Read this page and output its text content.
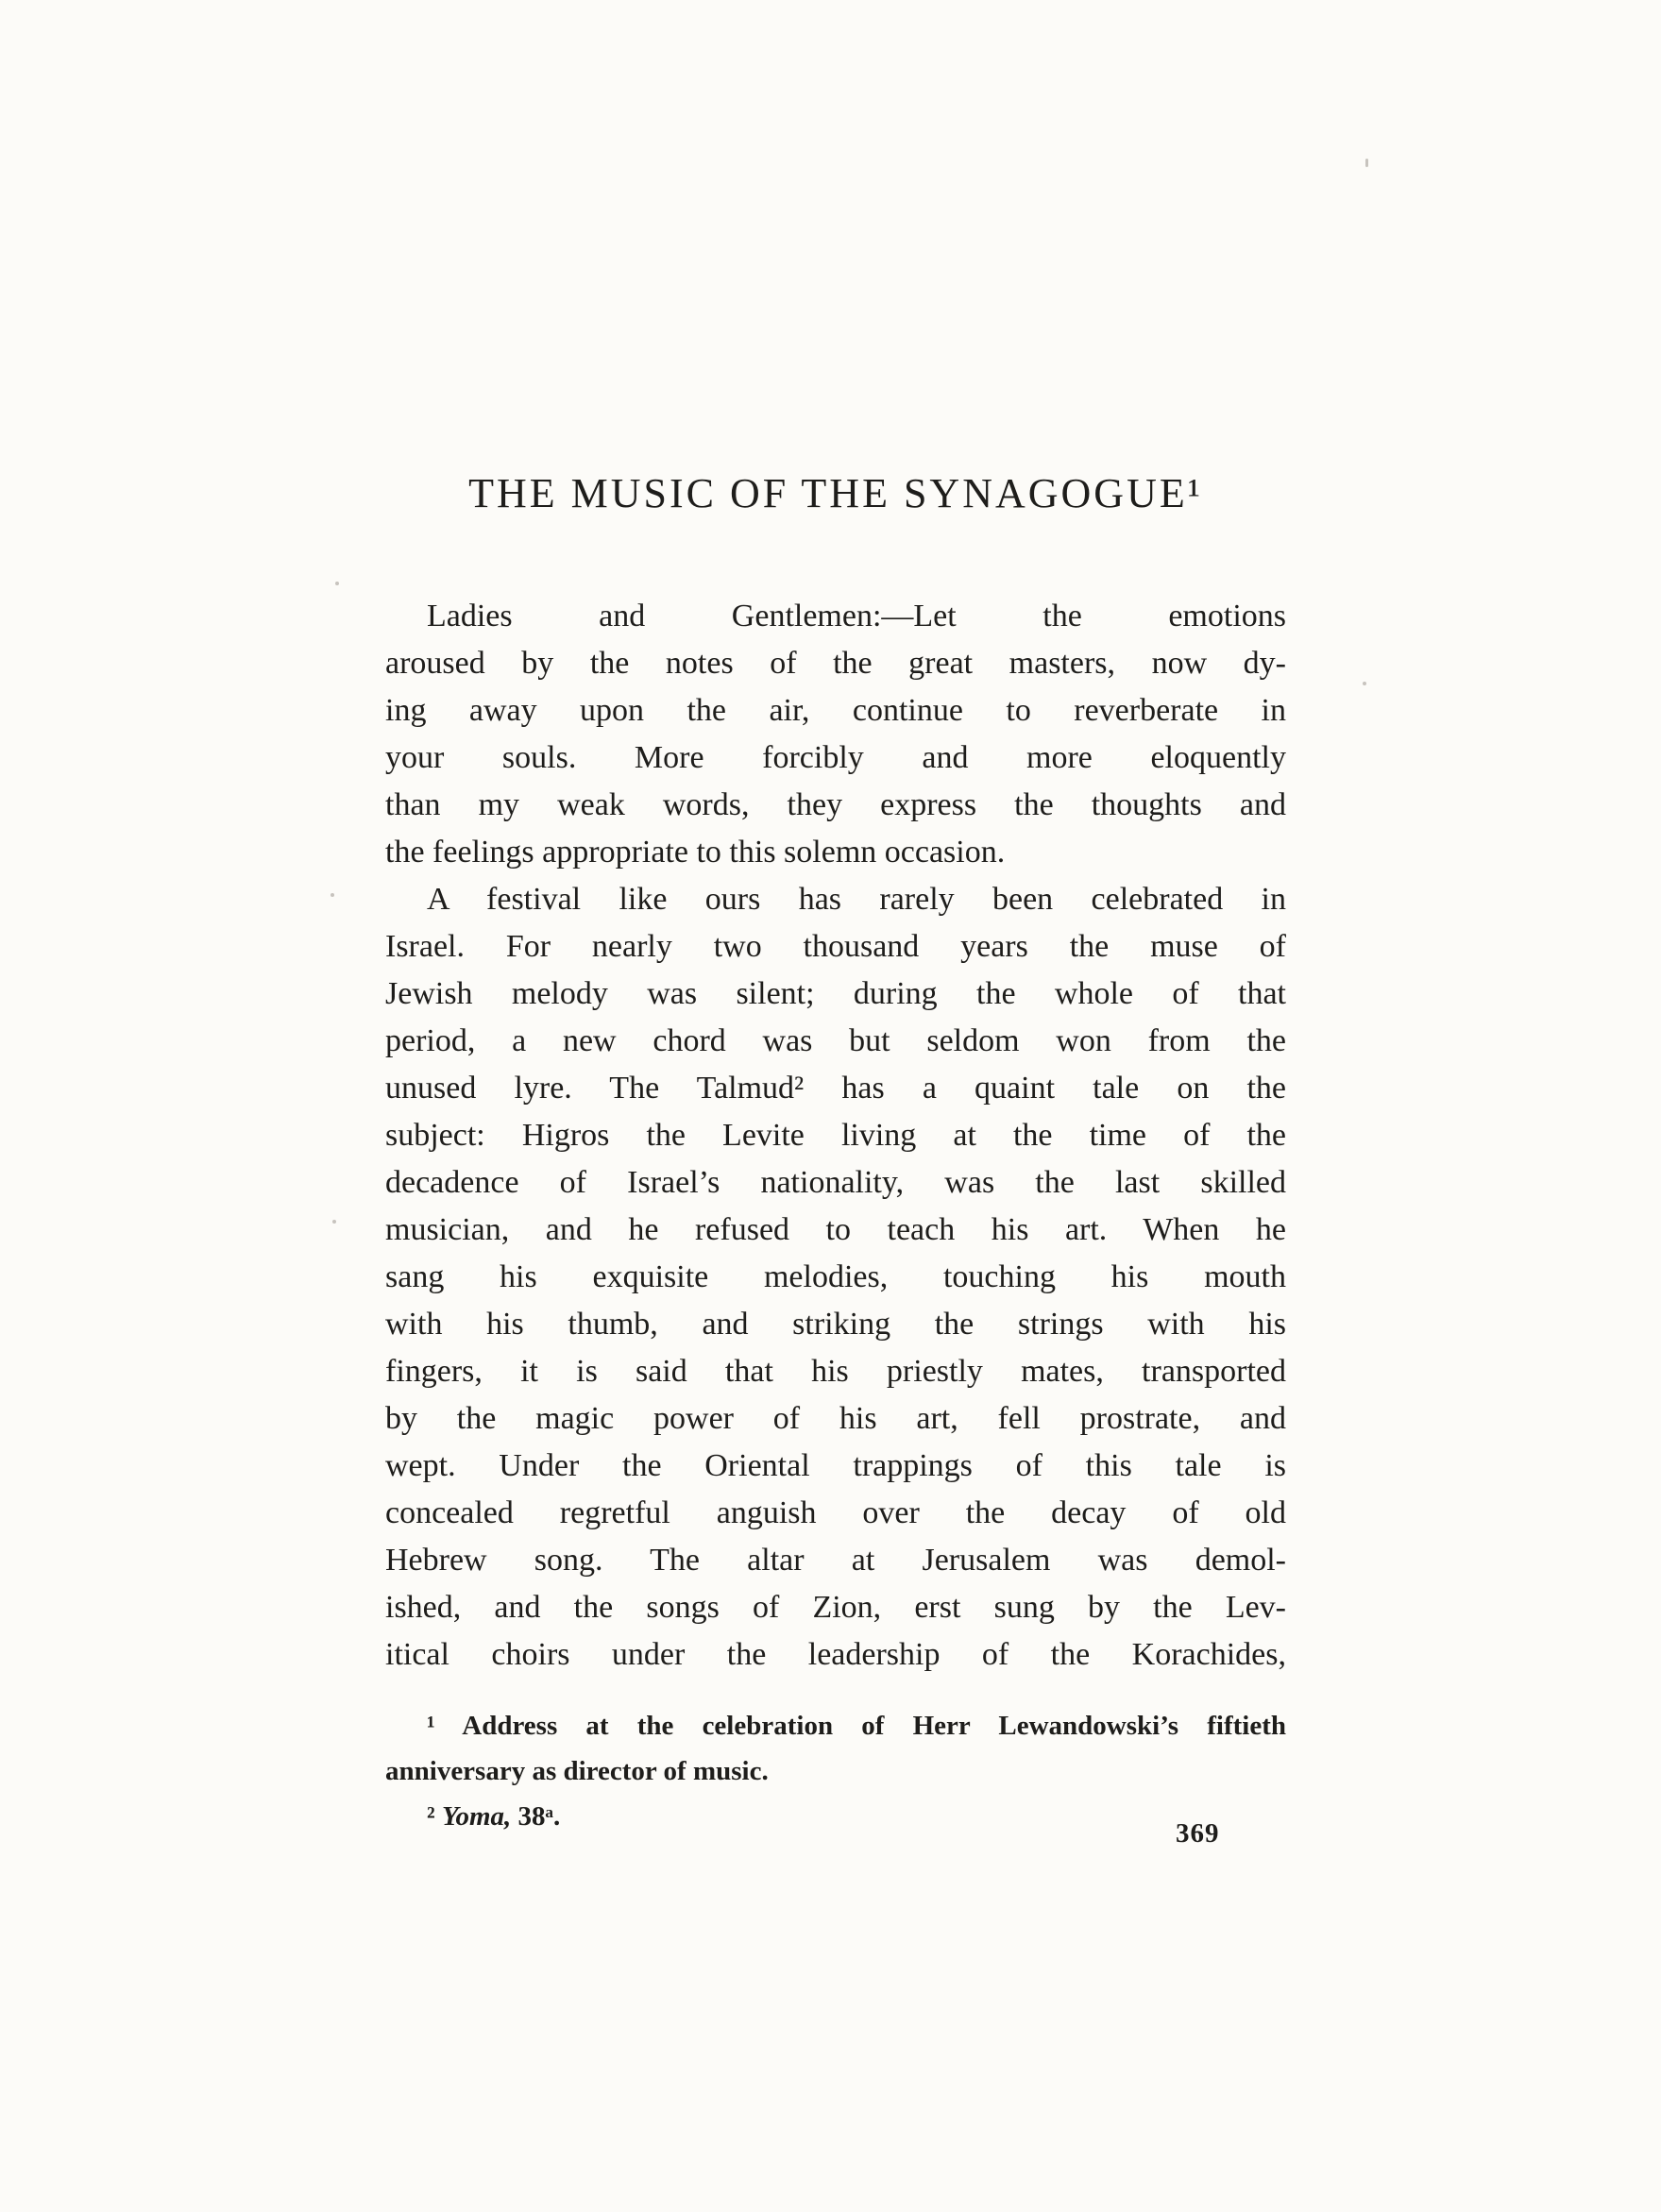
THE MUSIC OF THE SYNAGOGUE¹
Ladies and Gentlemen:—Let the emotions
aroused by the notes of the great masters, now dy-
ing away upon the air, continue to reverberate in
your souls. More forcibly and more eloquently
than my weak words, they express the thoughts and
the feelings appropriate to this solemn occasion.
A festival like ours has rarely been celebrated in
Israel. For nearly two thousand years the muse of
Jewish melody was silent; during the whole of that
period, a new chord was but seldom won from the
unused lyre. The Talmud² has a quaint tale on the
subject: Higros the Levite living at the time of the
decadence of Israel’s nationality, was the last skilled
musician, and he refused to teach his art. When he
sang his exquisite melodies, touching his mouth
with his thumb, and striking the strings with his
fingers, it is said that his priestly mates, transported
by the magic power of his art, fell prostrate, and
wept. Under the Oriental trappings of this tale is
concealed regretful anguish over the decay of old
Hebrew song. The altar at Jerusalem was demol-
ished, and the songs of Zion, erst sung by the Lev-
itical choirs under the leadership of the Korachides,
¹ Address at the celebration of Herr Lewandowski’s fiftieth
anniversary as director of music.
² Yoma, 38ᵃ.
369
